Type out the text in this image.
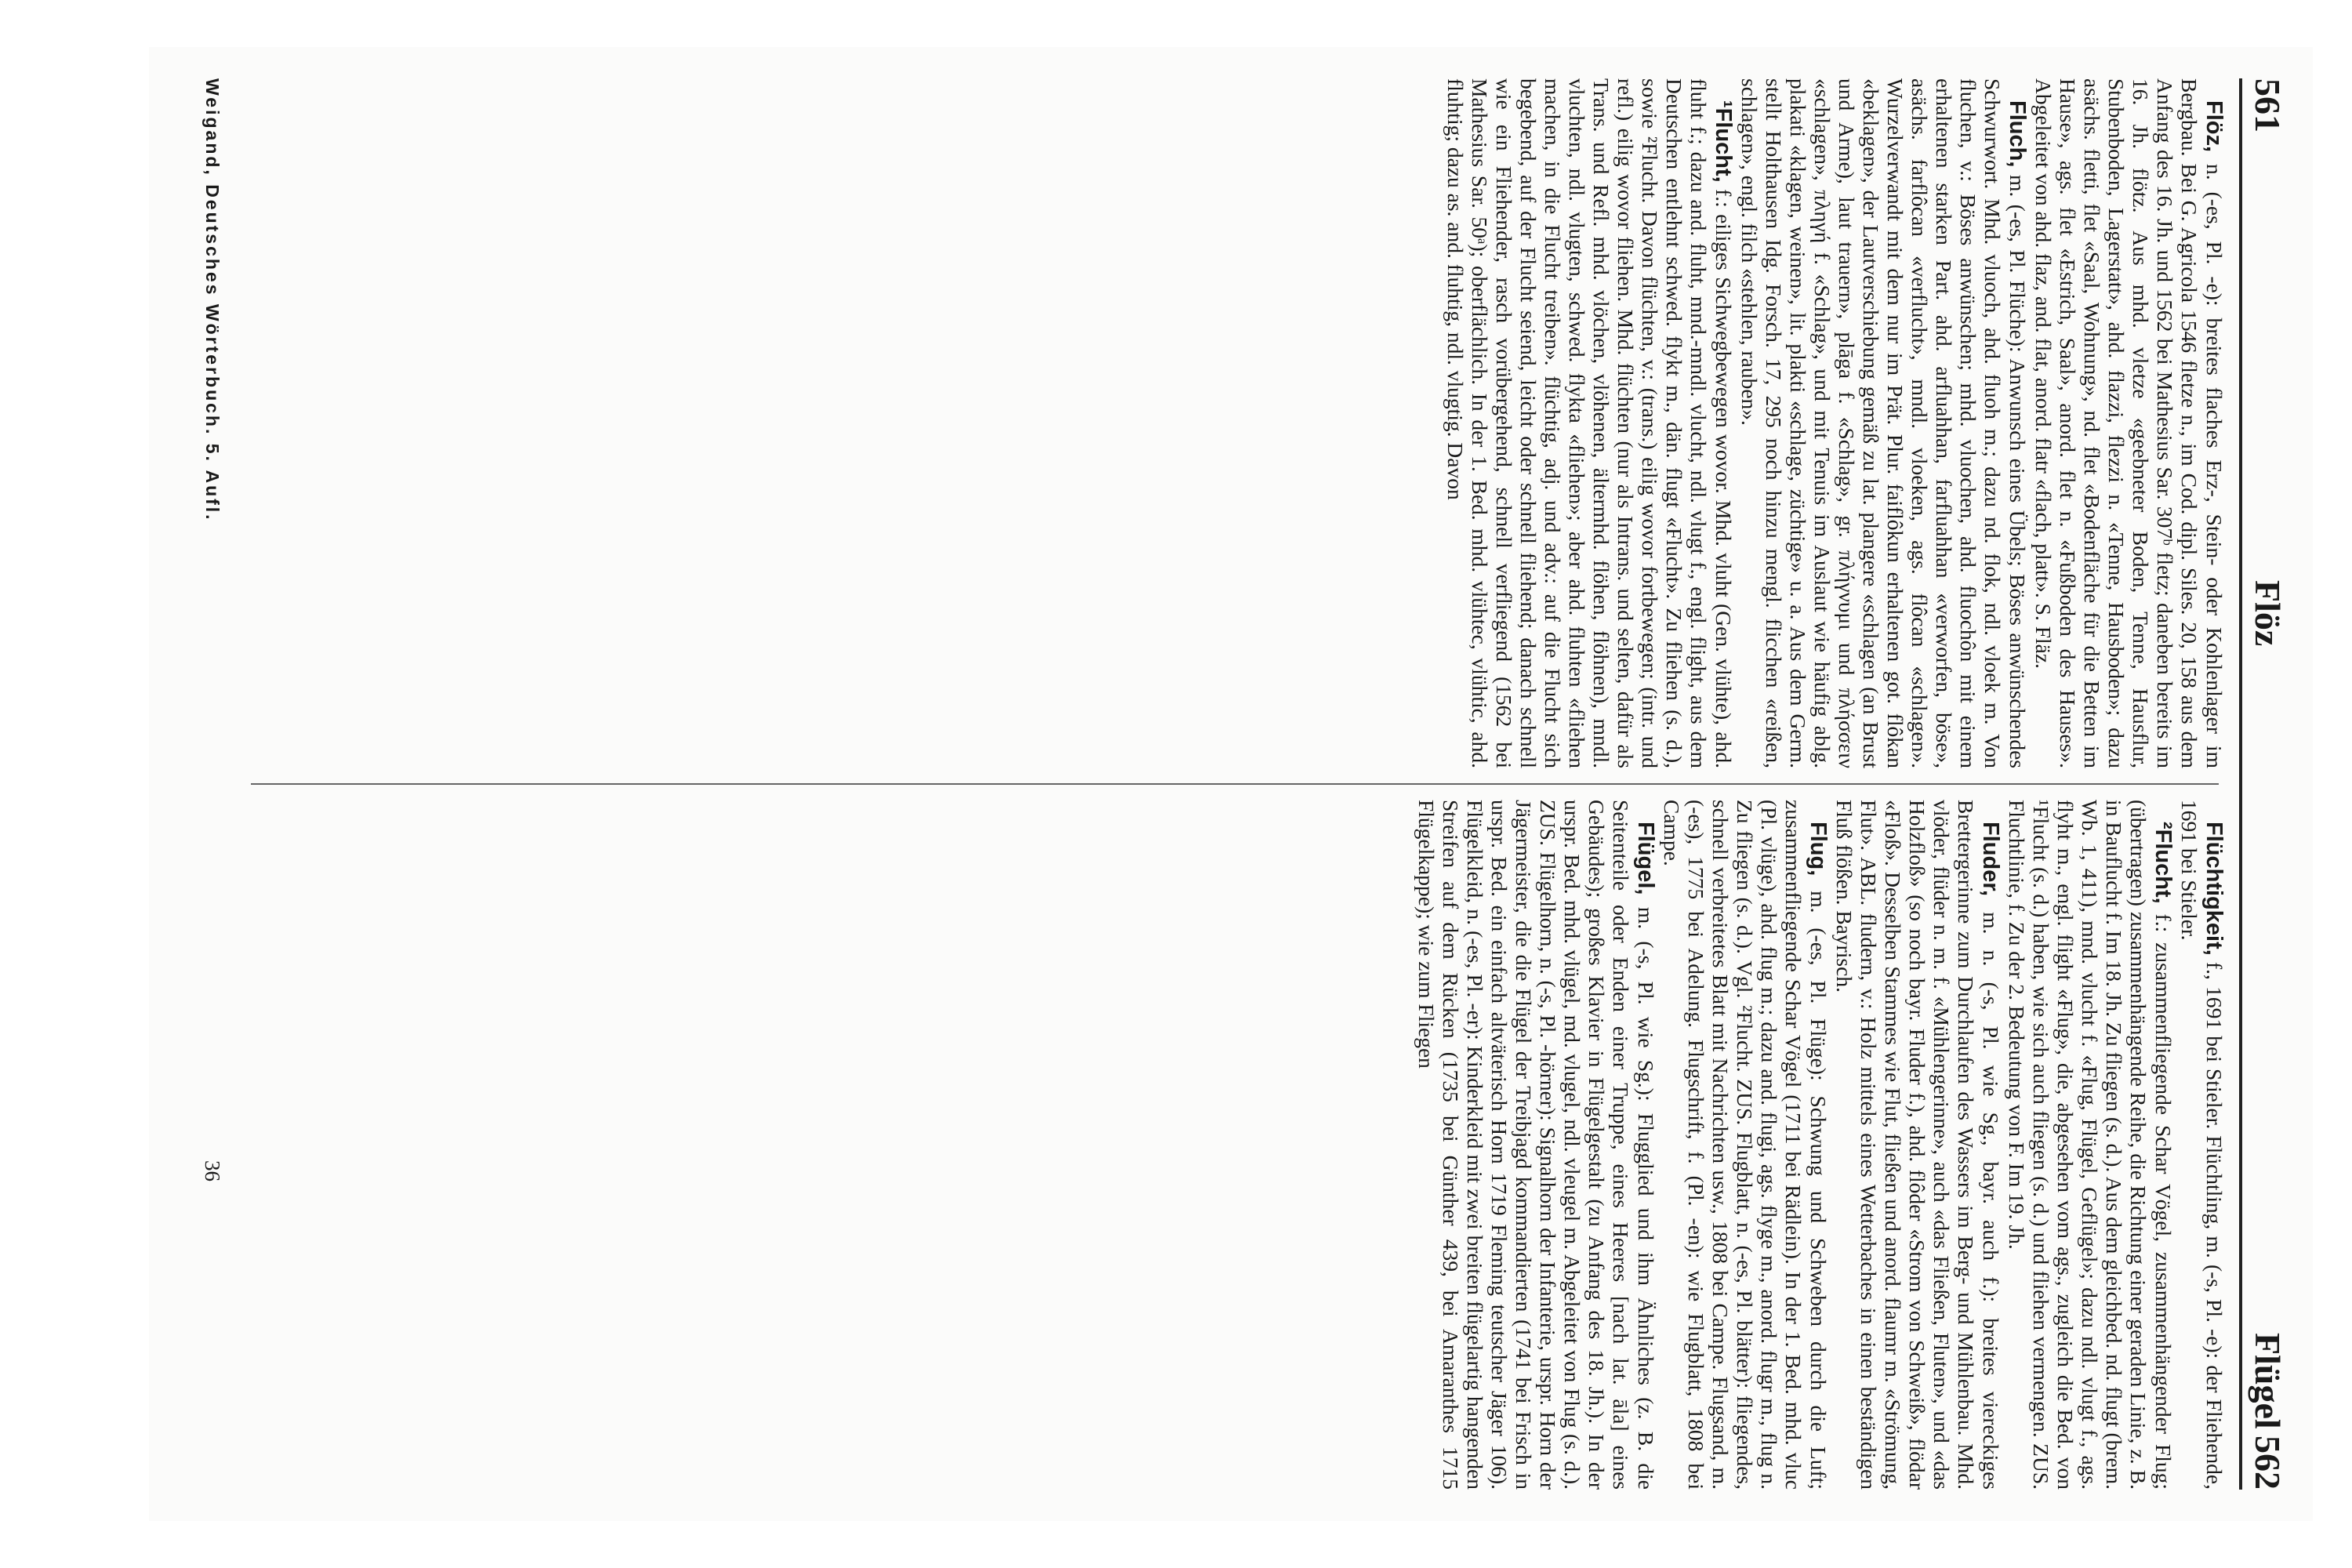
561
Flöz
Flügel
562

Flöz, n. (-es, Pl. -e): breites flaches Erz-, Stein- oder Kohlenlager im Bergbau. Bei G. Agricola 1546 fletze n., im Cod. dipl. Siles. 20, 158 aus dem Anfang des 16. Jh. und 1562 bei Mathesius Sar. 307ᵇ fletz; daneben bereits im 16. Jh. flötz. Aus mhd. vletze «geebneter Boden, Tenne, Hausflur, Stubenboden, Lagerstatt», ahd. flazzi, flezzi n. «Tenne, Hausboden»; dazu asächs. fletti, flet «Saal, Wohnung», nd. flet «Bodenfläche für die Betten im Hause», ags. flet «Estrich, Saal», anord. flet n. «Fußboden des Hauses». Abgeleitet von ahd. flaz, and. flat, anord. flatr «flach, platt». S. Fläz.

Fluch, m. (-es, Pl. Flüche): Anwunsch eines Übels; Böses anwünschendes Schwurwort. Mhd. vluoch, ahd. fluoh m.; dazu nd. flok, ndl. vloek m. Von fluchen, v.: Böses anwünschen; mhd. vluochen, ahd. fluochôn mit einem erhaltenen starken Part. ahd. arfluahhan, farfluahhan «verworfen, böse», asächs. farflôcan «verflucht», mndl. vloeken, ags. flôcan «schlagen». Wurzelverwandt mit dem nur im Prät. Plur. faiflôkun erhaltenen got. flôkan «beklagen», der Lautverschiebung gemäß zu lat. plangere «schlagen (an Brust und Arme), laut trauern», plāga f. «Schlag», gr. πλήγνυμι und πλήσσειν «schlagen», πληγή f. «Schlag», und mit Tenuis im Auslaut wie häufig ablg. plakati «klagen, weinen», lit. plakti «schlage, züchtige» u. a. Aus dem Germ. stellt Holthausen Idg. Forsch. 17, 295 noch hinzu mengl. flicchen «reißen, schlagen», engl. filch «stehlen, rauben».

¹Flucht, f.: eiliges Sichwegbewegen wovor. Mhd. vluht (Gen. vlühte), ahd. fluht f.; dazu and. fluht, mnd.-mndl. vlucht, ndl. vlugt f., engl. flight, aus dem Deutschen entlehnt schwed. flykt m., dän. flugt «Flucht». Zu fliehen (s. d.), sowie ²Flucht. Davon flüchten, v.: (trans.) eilig wovor fortbewegen; (intr. und refl.) eilig wovor fliehen. Mhd. flüchten (nur als Intrans. und selten, dafür als Trans. und Refl. mhd. vlöchen, vlöhenen, ältermhd. flöhen, flöhnen), mndl. vluchten, ndl. vlugten, schwed. flykta «fliehen»; aber ahd. fluhten «fliehen machen, in die Flucht treiben». flüchtig, adj. und adv.: auf die Flucht sich begebend, auf der Flucht seiend, leicht oder schnell fliehend; danach schnell wie ein Fliehender, rasch vorübergehend, schnell verfliegend (1562 bei Mathesius Sar. 50ᵃ); oberflächlich. In der 1. Bed. mhd. vlühtec, vlühtic, ahd. fluhtig; dazu as. and. fluhtig, ndl. vlugtig. Davon

Flüchtigkeit, f., 1691 bei Stieler. Flüchtling, m. (-s, Pl. -e): der Fliehende, 1691 bei Stieler.

²Flucht, f.: zusammenfliegende Schar Vögel, zusammenhängender Flug; (übertragen) zusammenhängende Reihe, die Richtung einer geraden Linie, z. B. in Bauflucht f. Im 18. Jh. Zu fliegen (s. d.). Aus dem gleichbed. nd. flugt (brem. Wb. 1, 411), mnd. vlucht f. «Flug, Flügel, Geflügel»; dazu ndl. vlugt f., ags. flyht m., engl. flight «Flug», die, abgesehen vom ags., zugleich die Bed. von ¹Flucht (s. d.) haben, wie sich auch fliegen (s. d.) und fliehen vermengen. ZUS. Fluchtlinie, f. Zu der 2. Bedeutung von F. Im 19. Jh.

Fluder, m. n. (-s, Pl. wie Sg., bayr. auch f.): breites viereckiges Brettergerinne zum Durchlaufen des Wassers im Berg- und Mühlenbau. Mhd. vlöder, flüder n. m. f. «Mühlengerinne», auch «das Fließen, Fluten», und «das Holzfloß» (so noch bayr. Fluder f.), ahd. flôder «Strom von Schweiß», flödar «Floß». Desselben Stammes wie Flut, fließen und anord. flaumr m. «Strömung, Flut». ABL. fludern, v.: Holz mittels eines Wetterbaches in einen beständigen Fluß flößen. Bayrisch.

Flug, m. (-es, Pl. Flüge): Schwung und Schweben durch die Luft; zusammenfliegende Schar Vögel (1711 bei Rädlein). In der 1. Bed. mhd. vluc (Pl. vlüge), ahd. flug m.; dazu and. flugi, ags. flyge m., anord. flugr m., flug n. Zu fliegen (s. d.). Vgl. ²Flucht. ZUS. Flugblatt, n. (-es, Pl. blätter): fliegendes, schnell verbreitetes Blatt mit Nachrichten usw., 1808 bei Campe. Flugsand, m. (-es), 1775 bei Adelung. Flugschrift, f. (Pl. -en): wie Flugblatt, 1808 bei Campe.

Flügel, m. (-s, Pl. wie Sg.): Flugglied und ihm Ähnliches (z. B. die Seitenteile oder Enden einer Truppe, eines Heeres [nach lat. āla] eines Gebäudes); großes Klavier in Flügelgestalt (zu Anfang des 18. Jh.). In der urspr. Bed. mhd. vlügel, md. vlugel, ndl. vleugel m. Abgeleitet von Flug (s. d.). ZUS. Flügelhorn, n. (-s, Pl. -hörner): Signalhorn der Infanterie, urspr. Horn der Jägermeister, die die Flügel der Treibjagd kommandierten (1741 bei Frisch in urspr. Bed. ein einfach altväterisch Horn 1719 Fleming teutscher Jäger 106). Flügelkleid, n. (-es, Pl. -er): Kinderkleid mit zwei breiten flügelartig hangenden Streifen auf dem Rücken (1735 bei Günther 439, bei Amaranthes 1715 Flügelkappe); wie zum Fliegen

Weigand, Deutsches Wörterbuch. 5. Aufl.
36
